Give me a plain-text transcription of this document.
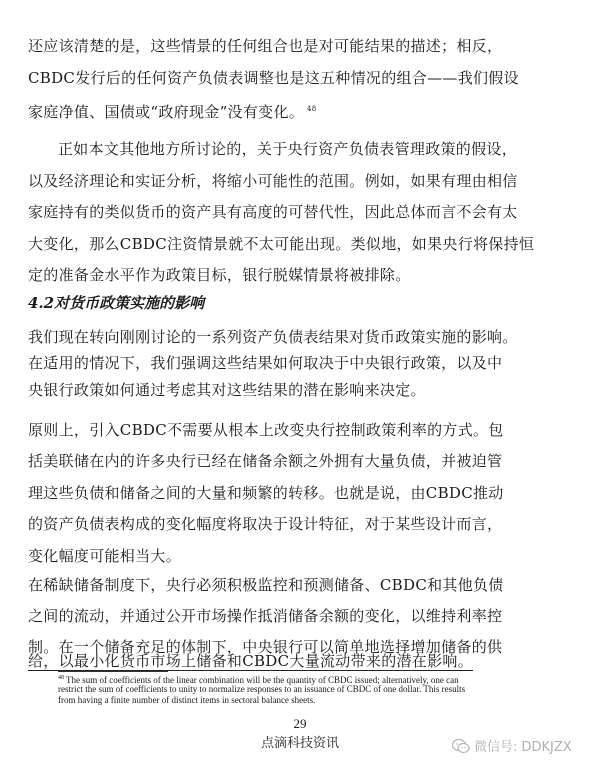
还应该清楚的是，这些情景的任何组合也是对可能结果的描述；相反，
CBDC发行后的任何资产负债表调整也是这五种情况的组合——我们假设
家庭净值、国债或“政府现金”没有变化。 $^{48}$
正如本文其他地方所讨论的，关于央行资产负债表管理政策的假设，
以及经济理论和实证分析，将缩小可能性的范围。例如，如果有理由相信
家庭持有的类似货币的资产具有高度的可替代性，因此总体而言不会有太
大变化，那么CBDC注资情景就不太可能出现。类似地，如果央行将保持恒
定的准备金水平作为政策目标，银行脱媒情景将被排除。
4.2对货币政策实施的影响
我们现在转向刚刚讨论的一系列资产负债表结果对货币政策实施的影响。
在适用的情况下，我们强调这些结果如何取决于中央银行政策，以及中
央银行政策如何通过考虑其对这些结果的潜在影响来决定。
原则上，引入CBDC不需要从根本上改变央行控制政策利率的方式。包
括美联储在内的许多央行已经在储备余额之外拥有大量负债，并被迫管
理这些负债和储备之间的大量和频繁的转移。也就是说，由CBDC推动
的资产负债表构成的变化幅度将取决于设计特征，对于某些设计而言，
变化幅度可能相当大。
在稀缺储备制度下，央行必须积极监控和预测储备、CBDC和其他负债
之间的流动，并通过公开市场操作抵消储备余额的变化，以维持利率控
制。在一个储备充足的体制下，中央银行可以简单地选择增加储备的供
给，以最小化货币市场上储备和CBDC大量流动带来的潜在影响。
$^{48}$ The sum of coefficients of the linear combination will be the quantity of CBDC issued; alternatively, one can
restrict the sum of coefficients to unity to normalize responses to an issuance of CBDC of one dollar. This results
from having a finite number of distinct items in sectoral balance sheets.
29
点滴科技资讯	微信号: DDKJZX
